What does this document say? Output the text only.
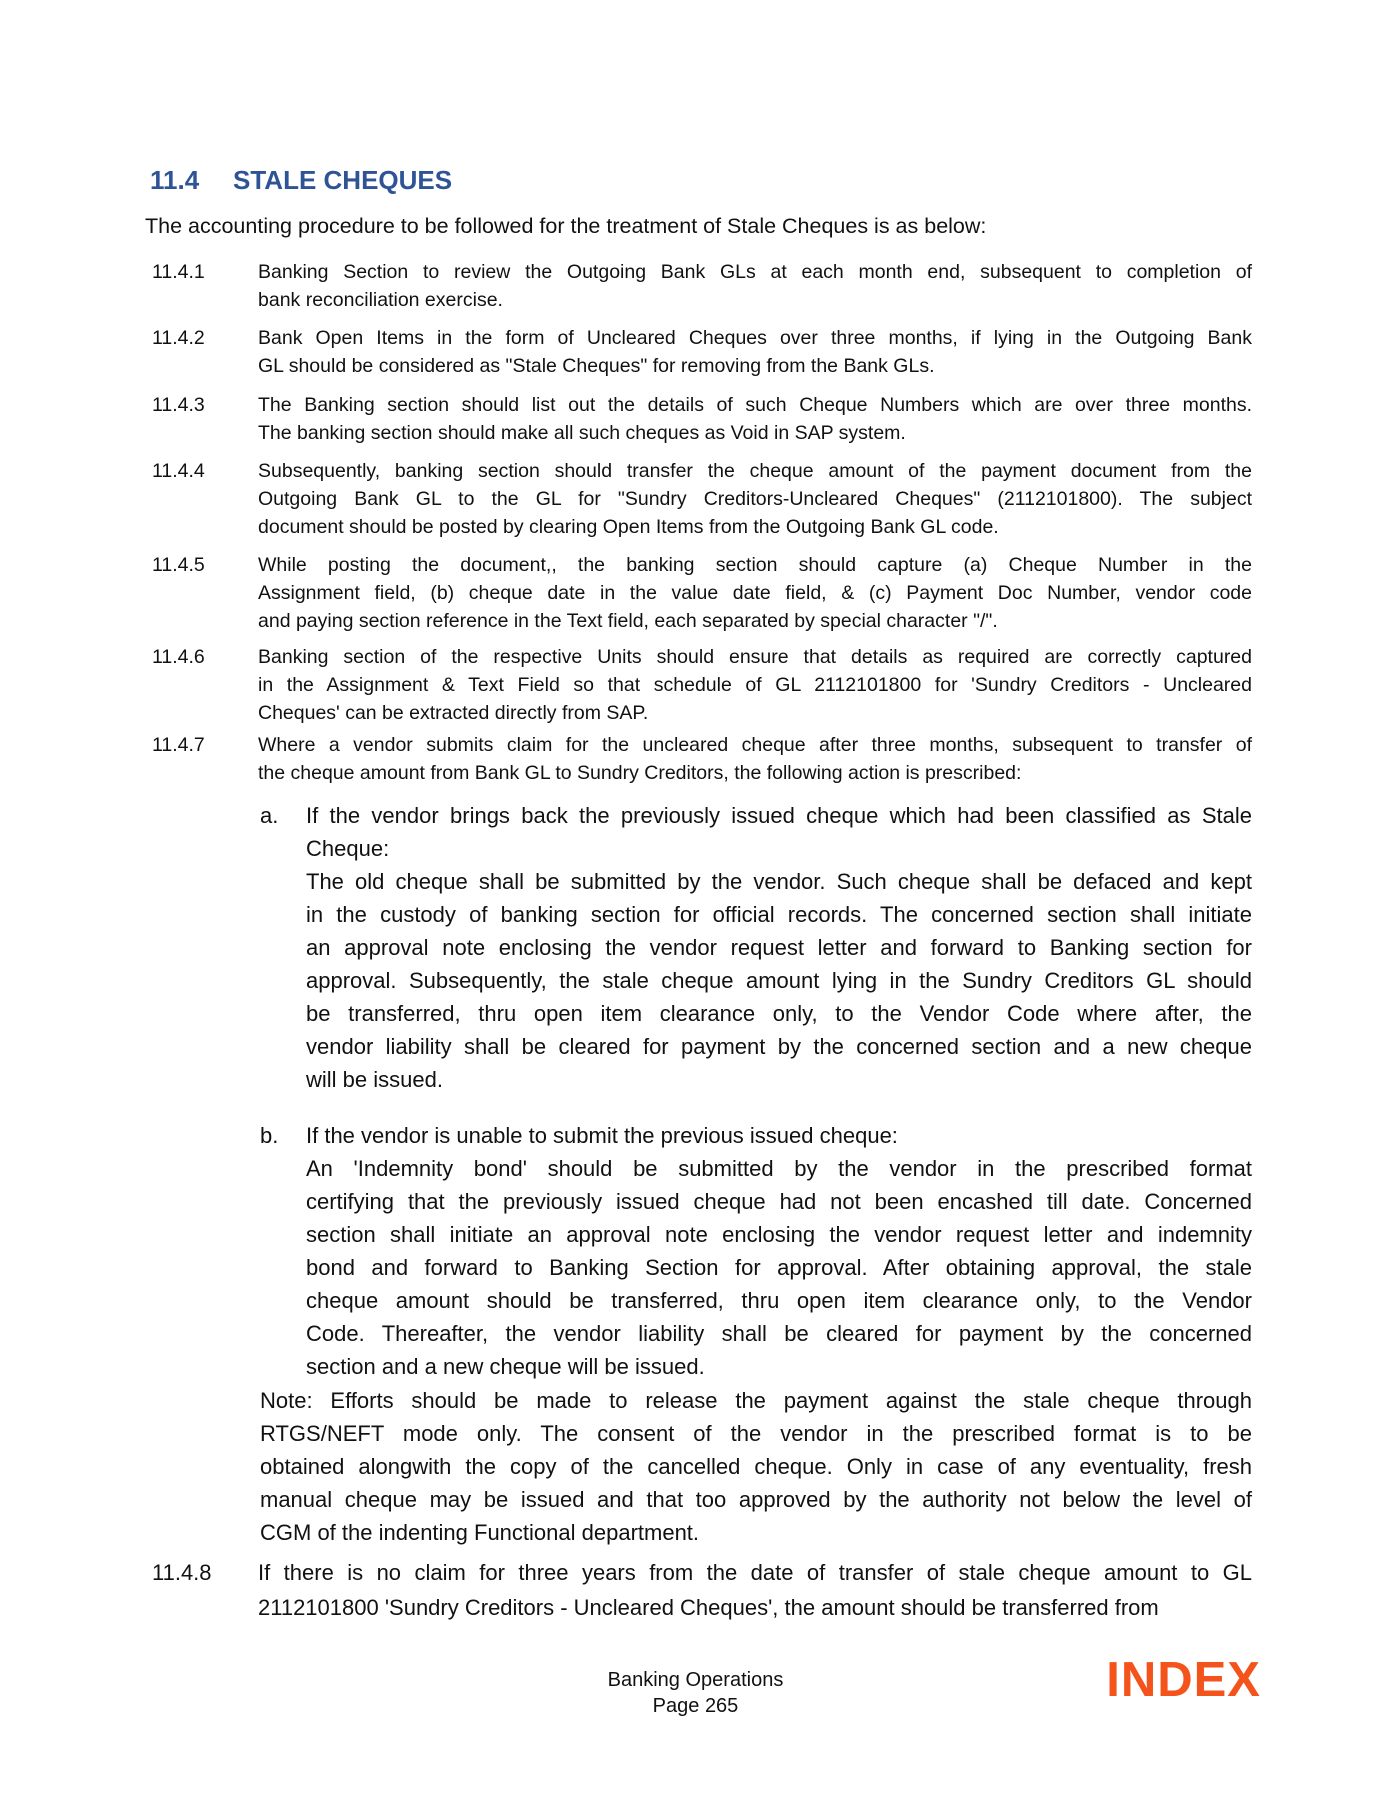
11.4 STALE CHEQUES
The accounting procedure to be followed for the treatment of Stale Cheques is as below:
11.4.1	Banking Section to review the Outgoing Bank GLs at each month end, subsequent to completion of
bank reconciliation exercise.
11.4.2	Bank Open Items in the form of Uncleared Cheques over three months, if lying in the Outgoing Bank
GL should be considered as "Stale Cheques" for removing from the Bank GLs.
11.4.3	The Banking section should list out the details of such Cheque Numbers which are over three months.
The banking section should make all such cheques as Void in SAP system.
11.4.4	Subsequently, banking section should transfer the cheque amount of the payment document from the
Outgoing Bank GL to the GL for "Sundry Creditors-Uncleared Cheques" (2112101800). The subject
document should be posted by clearing Open Items from the Outgoing Bank GL code.
11.4.5	While posting the document,, the banking section should capture (a) Cheque Number in the
Assignment field, (b) cheque date in the value date field, & (c) Payment Doc Number, vendor code
and paying section reference in the Text field, each separated by special character "/".
11.4.6	Banking section of the respective Units should ensure that details as required are correctly captured
in the Assignment & Text Field so that schedule of GL 2112101800 for 'Sundry Creditors - Uncleared
Cheques' can be extracted directly from SAP.
11.4.7	Where a vendor submits claim for the uncleared cheque after three months, subsequent to transfer of
the cheque amount from Bank GL to Sundry Creditors, the following action is prescribed:
a. If the vendor brings back the previously issued cheque which had been classified as Stale
Cheque:
The old cheque shall be submitted by the vendor. Such cheque shall be defaced and kept
in the custody of banking section for official records. The concerned section shall initiate
an approval note enclosing the vendor request letter and forward to Banking section for
approval. Subsequently, the stale cheque amount lying in the Sundry Creditors GL should
be transferred, thru open item clearance only, to the Vendor Code where after, the
vendor liability shall be cleared for payment by the concerned section and a new cheque
will be issued.
b. If the vendor is unable to submit the previous issued cheque:
An 'Indemnity bond' should be submitted by the vendor in the prescribed format
certifying that the previously issued cheque had not been encashed till date. Concerned
section shall initiate an approval note enclosing the vendor request letter and indemnity
bond and forward to Banking Section for approval. After obtaining approval, the stale
cheque amount should be transferred, thru open item clearance only, to the Vendor
Code. Thereafter, the vendor liability shall be cleared for payment by the concerned
section and a new cheque will be issued.
Note: Efforts should be made to release the payment against the stale cheque through
RTGS/NEFT mode only. The consent of the vendor in the prescribed format is to be
obtained alongwith the copy of the cancelled cheque. Only in case of any eventuality, fresh
manual cheque may be issued and that too approved by the authority not below the level of
CGM of the indenting Functional department.
11.4.8 If there is no claim for three years from the date of transfer of stale cheque amount to GL
2112101800 'Sundry Creditors - Uncleared Cheques', the amount should be transferred from
Banking Operations
Page 265	INDEX
